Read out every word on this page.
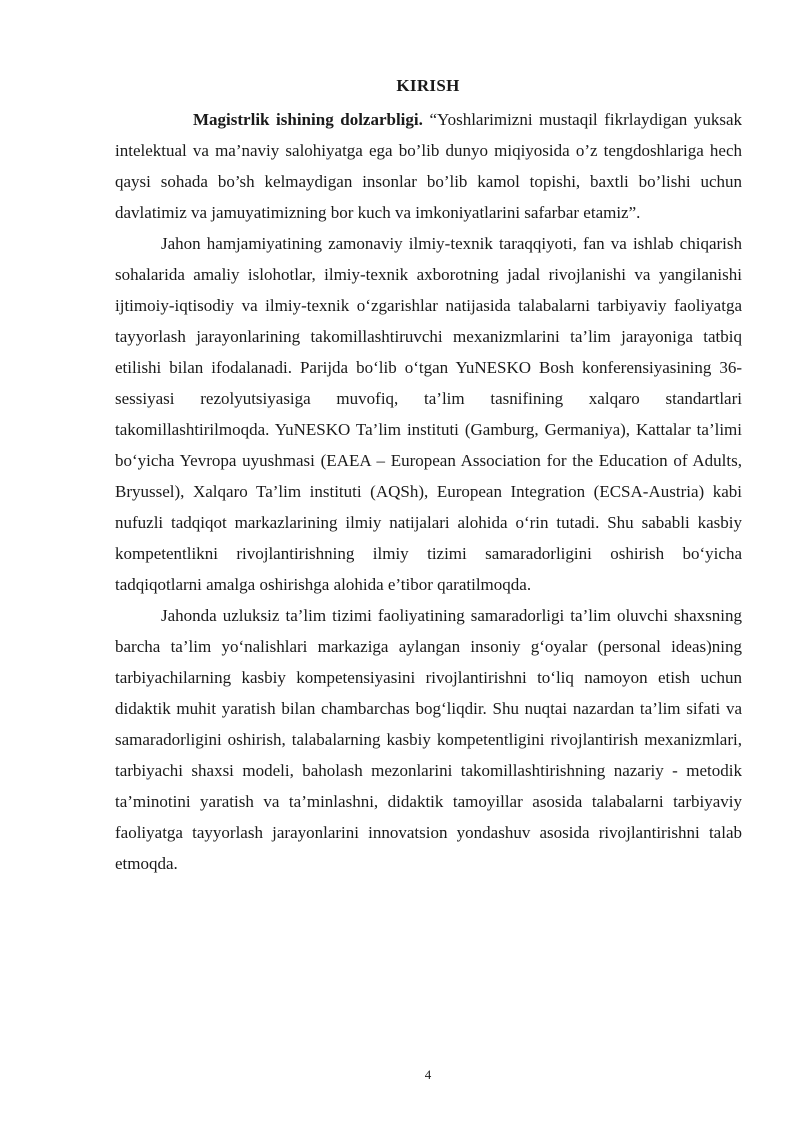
KIRISH

Magistrlik ishining dolzarbligi. “Yoshlarimizni mustaqil fikrlaydigan yuksak intelektual va ma’naviy salohiyatga ega bo’lib dunyo miqiyosida o’z tengdoshlariga hech qaysi sohada bo’sh kelmaydigan insonlar bo’lib kamol topishi, baxtli bo’lishi uchun davlatimiz va jamuyatimizning bor kuch va imkoniyatlarini safarbar etamiz”.

Jahon hamjamiyatining zamonaviy ilmiy-texnik taraqqiyoti, fan va ishlab chiqarish sohalarida amaliy islohotlar, ilmiy-texnik axborotning jadal rivojlanishi va yangilanishi ijtimoiy-iqtisodiy va ilmiy-texnik o‘zgarishlar natijasida talabalarni tarbiyaviy faoliyatga tayyorlash jarayonlarining takomillashtiruvchi mexanizmlarini ta’lim jarayoniga tatbiq etilishi bilan ifodalanadi. Parijda bo‘lib o‘tgan YuNESKO Bosh konferensiyasining 36-sessiyasi rezolyutsiyasiga muvofiq, ta’lim tasnifining xalqaro standartlari takomillashtirilmoqda. YuNESKO Ta’lim instituti (Gamburg, Germaniya), Kattalar ta’limi bo‘yicha Yevropa uyushmasi (EAEA – European Association for the Education of Adults, Bryussel), Xalqaro Ta’lim instituti (AQSh), European Integration (ECSA-Austria) kabi nufuzli tadqiqot markazlarining ilmiy natijalari alohida o‘rin tutadi. Shu sababli kasbiy kompetentlikni rivojlantirishning ilmiy tizimi samaradorligini oshirish bo‘yicha tadqiqotlarni amalga oshirishga alohida e’tibor qaratilmoqda.

Jahonda uzluksiz ta’lim tizimi faoliyatining samaradorligi ta’lim oluvchi shaxsning barcha ta’lim yo‘nalishlari markaziga aylangan insoniy g‘oyalar (personal ideas)ning tarbiyachilarning kasbiy kompetensiyasini rivojlantirishni to‘liq namoyon etish uchun didaktik muhit yaratish bilan chambarchas bog‘liqdir. Shu nuqtai nazardan ta’lim sifati va samaradorligini oshirish, talabalarning kasbiy kompetentligini rivojlantirish mexanizmlari, tarbiyachi shaxsi modeli, baholash mezonlarini takomillashtirishning nazariy - metodik ta’minotini yaratish va ta’minlashni, didaktik tamoyillar asosida talabalarni tarbiyaviy faoliyatga tayyorlash jarayonlarini innovatsion yondashuv asosida rivojlantirishni talab etmoqda.

4
